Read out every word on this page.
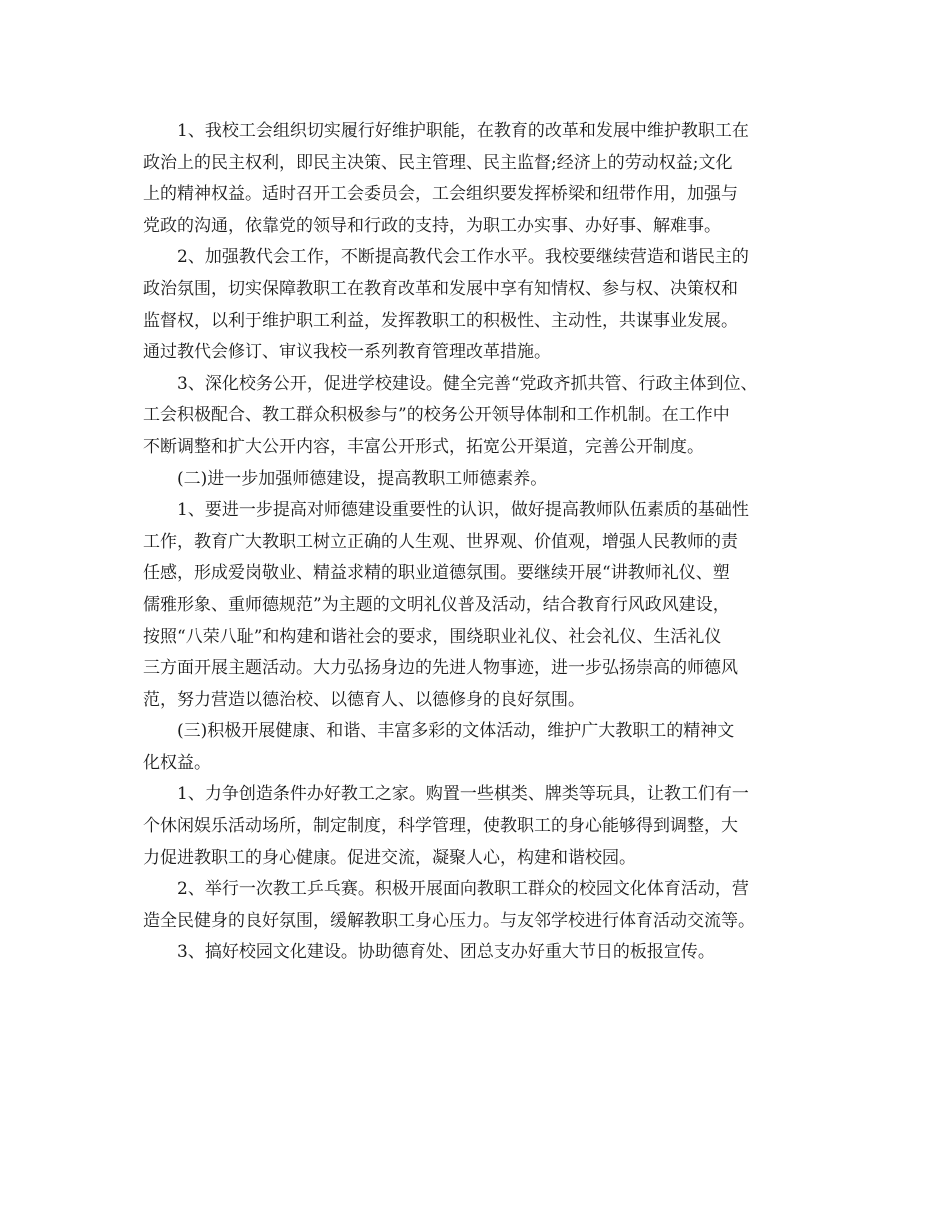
1、我校工会组织切实履行好维护职能，在教育的改革和发展中维护教职工在
政治上的民主权利，即民主决策、民主管理、民主监督;经济上的劳动权益;文化
上的精神权益。适时召开工会委员会，工会组织要发挥桥梁和纽带作用，加强与
党政的沟通，依靠党的领导和行政的支持，为职工办实事、办好事、解难事。
2、加强教代会工作，不断提高教代会工作水平。我校要继续营造和谐民主的
政治氛围，切实保障教职工在教育改革和发展中享有知情权、参与权、决策权和
监督权，以利于维护职工利益，发挥教职工的积极性、主动性，共谋事业发展。
通过教代会修订、审议我校一系列教育管理改革措施。
3、深化校务公开，促进学校建设。健全完善“党政齐抓共管、行政主体到位、
工会积极配合、教工群众积极参与”的校务公开领导体制和工作机制。在工作中
不断调整和扩大公开内容，丰富公开形式，拓宽公开渠道，完善公开制度。
(二)进一步加强师德建设，提高教职工师德素养。
1、要进一步提高对师德建设重要性的认识，做好提高教师队伍素质的基础性
工作，教育广大教职工树立正确的人生观、世界观、价值观，增强人民教师的责
任感，形成爱岗敬业、精益求精的职业道德氛围。要继续开展“讲教师礼仪、塑
儒雅形象、重师德规范”为主题的文明礼仪普及活动，结合教育行风政风建设，
按照“八荣八耻”和构建和谐社会的要求，围绕职业礼仪、社会礼仪、生活礼仪
三方面开展主题活动。大力弘扬身边的先进人物事迹，进一步弘扬崇高的师德风
范，努力营造以德治校、以德育人、以德修身的良好氛围。
(三)积极开展健康、和谐、丰富多彩的文体活动，维护广大教职工的精神文
化权益。
1、力争创造条件办好教工之家。购置一些棋类、牌类等玩具，让教工们有一
个休闲娱乐活动场所，制定制度，科学管理，使教职工的身心能够得到调整，大
力促进教职工的身心健康。促进交流，凝聚人心，构建和谐校园。
2、举行一次教工乒乓赛。积极开展面向教职工群众的校园文化体育活动，营
造全民健身的良好氛围，缓解教职工身心压力。与友邻学校进行体育活动交流等。
3、搞好校园文化建设。协助德育处、团总支办好重大节日的板报宣传。
